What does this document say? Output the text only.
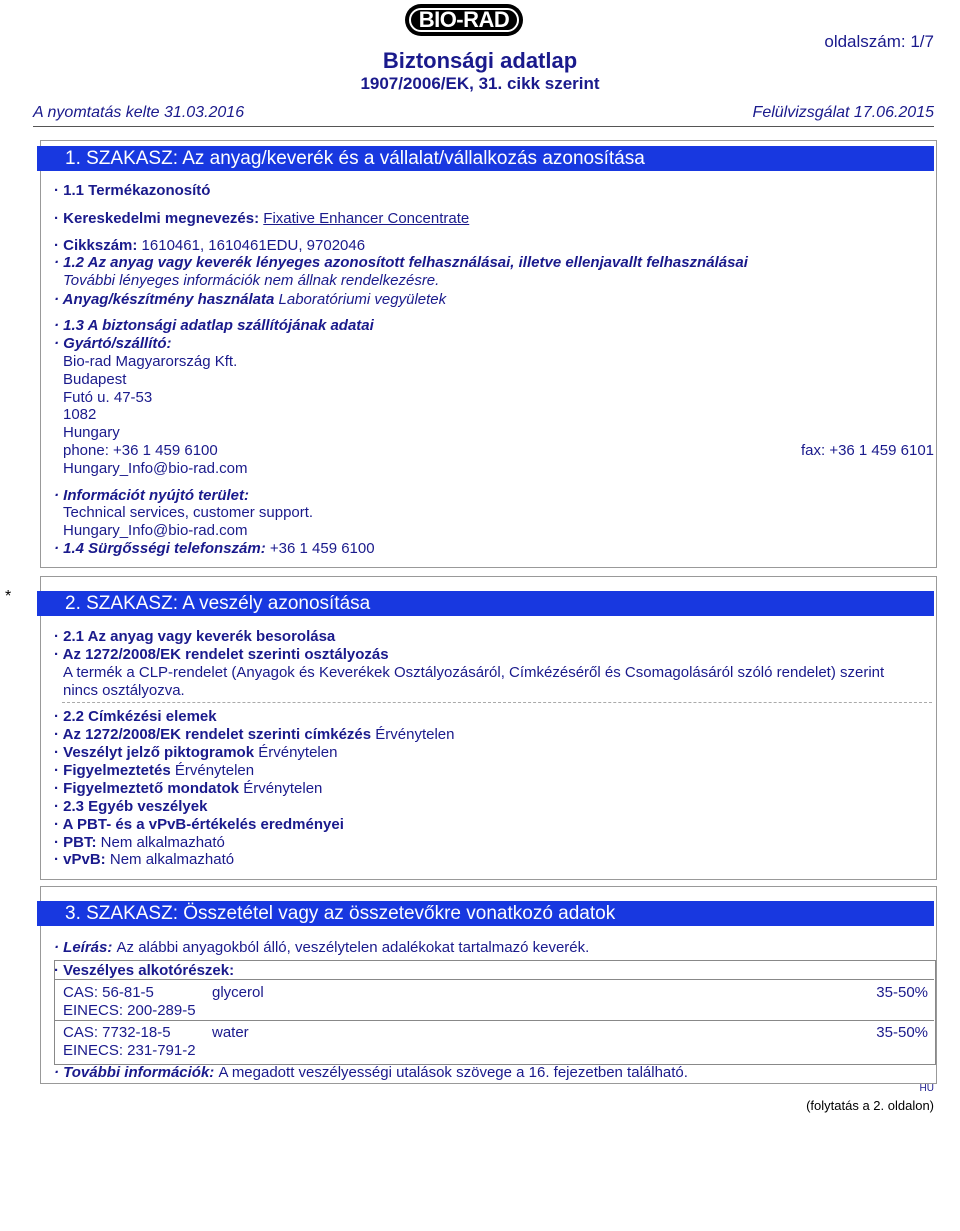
BIO-RAD
oldalszám: 1/7
Biztonsági adatlap
1907/2006/EK, 31. cikk szerint
A nyomtatás kelte 31.03.2016	Felülvizsgálat 17.06.2015
1. SZAKASZ: Az anyag/keverék és a vállalat/vállalkozás azonosítása
· 1.1 Termékazonosító
· Kereskedelmi megnevezés: Fixative Enhancer Concentrate
· Cikkszám: 1610461, 1610461EDU, 9702046
· 1.2 Az anyag vagy keverék lényeges azonosított felhasználásai, illetve ellenjavallt felhasználásai
További lényeges információk nem állnak rendelkezésre.
· Anyag/készítmény használata Laboratóriumi vegyületek
· 1.3 A biztonsági adatlap szállítójának adatai
· Gyártó/szállító:
Bio-rad Magyarország Kft.
Budapest
Futó u. 47-53
1082
Hungary
phone: +36 1 459 6100	fax: +36 1 459 6101
Hungary_Info@bio-rad.com
· Információt nyújtó terület:
Technical services, customer support.
Hungary_Info@bio-rad.com
· 1.4 Sürgősségi telefonszám: +36 1 459 6100
*	2. SZAKASZ: A veszély azonosítása
· 2.1 Az anyag vagy keverék besorolása
· Az 1272/2008/EK rendelet szerinti osztályozás
A termék a CLP-rendelet (Anyagok és Keverékek Osztályozásáról, Címkézéséről és Csomagolásáról szóló rendelet) szerint
nincs osztályozva.
· 2.2 Címkézési elemek
· Az 1272/2008/EK rendelet szerinti címkézés Érvénytelen
· Veszélyt jelző piktogramok Érvénytelen
· Figyelmeztetés Érvénytelen
· Figyelmeztető mondatok Érvénytelen
· 2.3 Egyéb veszélyek
· A PBT- és a vPvB-értékelés eredményei
· PBT: Nem alkalmazható
· vPvB: Nem alkalmazható
3. SZAKASZ: Összetétel vagy az összetevőkre vonatkozó adatok
· Leírás: Az alábbi anyagokból álló, veszélytelen adalékokat tartalmazó keverék.
· Veszélyes alkotórészek:
CAS: 56-81-5
EINECS: 200-289-5
glycerol	35-50%
CAS: 7732-18-5
EINECS: 231-791-2
water	35-50%
· További információk: A megadott veszélyességi utalások szövege a 16. fejezetben található.
HU
(folytatás a 2. oldalon)
